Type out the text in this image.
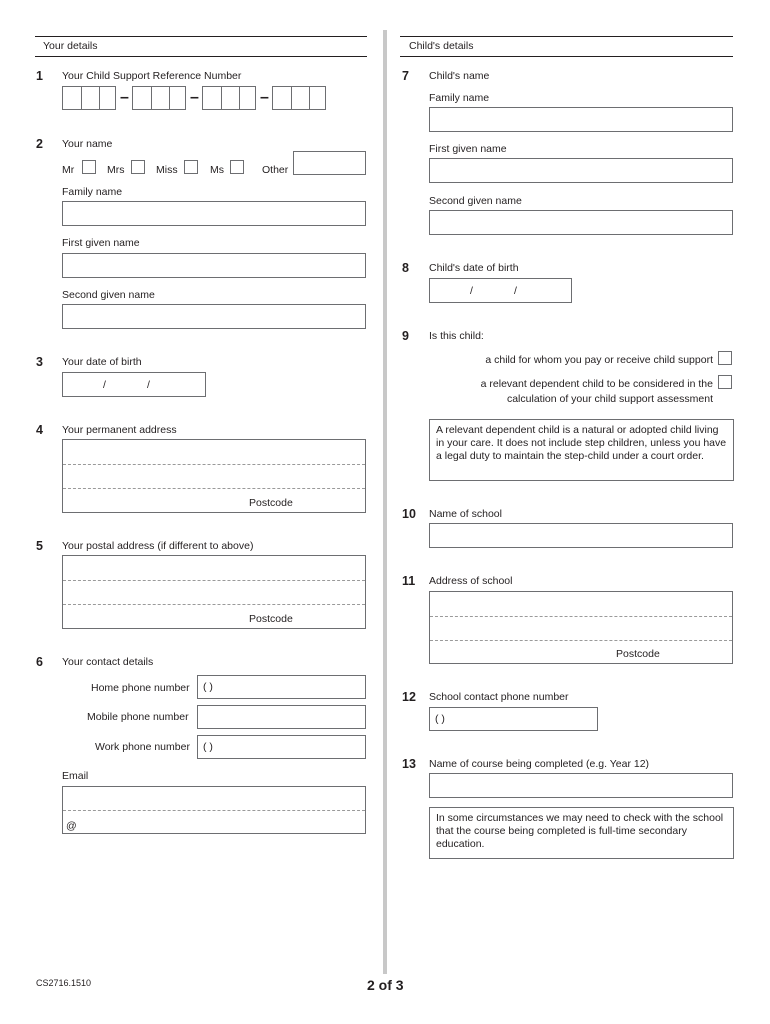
Your details	Child's details
1 Your Child Support Reference Number
–	–	–
2 Your name
Mr	Mrs	Miss	Ms	Other
Family name
First given name
Second given name
3 Your date of birth
/	/
4 Your permanent address
Postcode
5 Your postal address (if different to above)
Postcode
6 Your contact details
Home phone number ( )
Mobile phone number
Work phone number ( )
Email
@
7 Child's name
Family name
First given name
Second given name
8 Child's date of birth
/	/
9 Is this child:
a child for whom you pay or receive child support
a relevant dependent child to be considered in the
calculation of your child support assessment
A relevant dependent child is a natural or adopted child living in your care. It does not include step children, unless you have a legal duty to maintain the step-child under a court order.
10 Name of school
11 Address of school
Postcode
12 School contact phone number
( )
13 Name of course being completed (e.g. Year 12)
In some circumstances we may need to check with the school that the course being completed is full-time secondary education.
CS2716.1510	2 of 3
